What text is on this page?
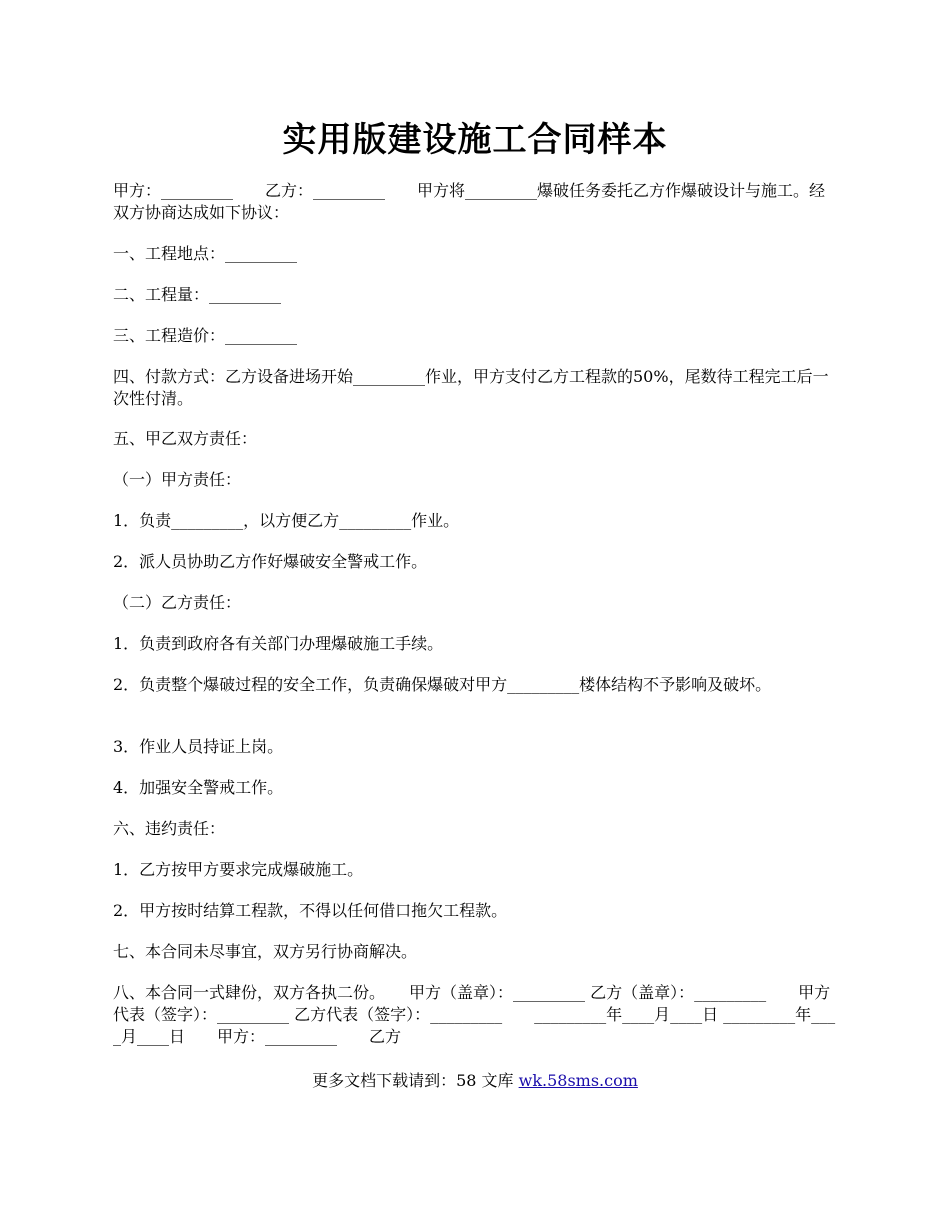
实用版建设施工合同样本
甲方：_________　　乙方：_________　　甲方将_________爆破任务委托乙方作爆破设计与施工。经双方协商达成如下协议：
一、工程地点：_________
二、工程量：_________
三、工程造价：_________
四、付款方式：乙方设备进场开始_________作业，甲方支付乙方工程款的50%，尾数待工程完工后一次性付清。
五、甲乙双方责任：
（一）甲方责任：
1．负责_________，以方便乙方_________作业。
2．派人员协助乙方作好爆破安全警戒工作。
（二）乙方责任：
1．负责到政府各有关部门办理爆破施工手续。
2．负责整个爆破过程的安全工作，负责确保爆破对甲方_________楼体结构不予影响及破坏。
3．作业人员持证上岗。
4．加强安全警戒工作。
六、违约责任：
1．乙方按甲方要求完成爆破施工。
2．甲方按时结算工程款，不得以任何借口拖欠工程款。
七、本合同未尽事宜，双方另行协商解决。
八、本合同一式肆份，双方各执二份。　　甲方（盖章）：_________ 乙方（盖章）：_________　　甲方代表（签字）：_________ 乙方代表（签字）：_________　　_________年____月____日 _________年____月____日　　甲方：_________　　乙方
更多文档下载请到：58 文库 wk.58sms.com
